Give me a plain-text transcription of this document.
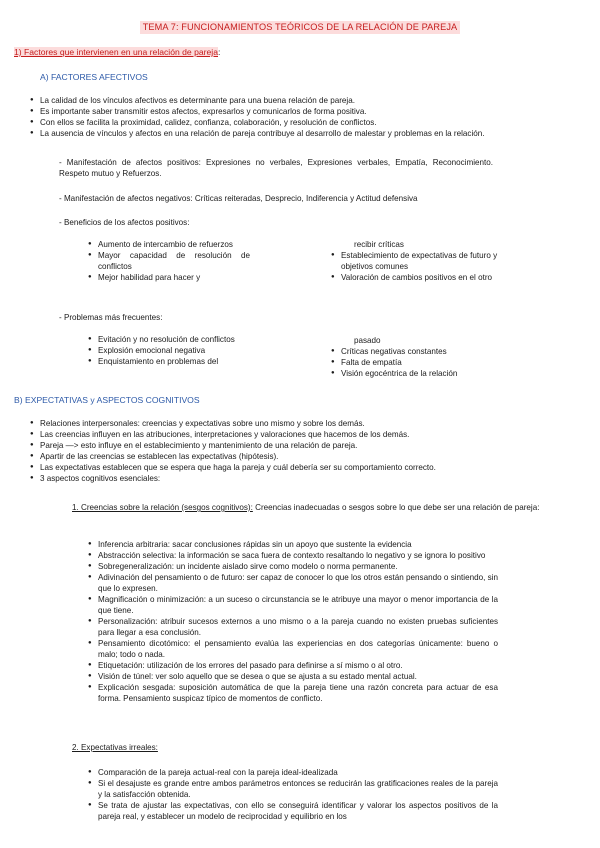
TEMA 7: FUNCIONAMIENTOS TEÓRICOS DE LA RELACIÓN DE PAREJA
1) Factores que intervienen en una relación de pareja:
A) FACTORES AFECTIVOS
● La calidad de los vínculos afectivos es determinante para una buena relación de pareja.
● Es importante saber transmitir estos afectos, expresarlos y comunicarlos de forma positiva.
● Con ellos se facilita la proximidad, calidez, confianza, colaboración, y resolución de conflictos.
● La ausencia de vínculos y afectos en una relación de pareja contribuye al desarrollo de malestar y problemas en la relación.
- Manifestación de afectos positivos: Expresiones no verbales, Expresiones verbales, Empatía, Reconocimiento. Respeto mutuo y Refuerzos.
- Manifestación de afectos negativos: Críticas reiteradas, Desprecio, Indiferencia y Actitud defensiva
- Beneficios de los afectos positivos:
● Aumento de intercambio de refuerzos
● Mayor capacidad de resolución de conflictos
● Mejor habilidad para hacer y
recibir críticas
● Establecimiento de expectativas de futuro y objetivos comunes
● Valoración de cambios positivos en el otro
- Problemas más frecuentes:
● Evitación y no resolución de conflictos
● Explosión emocional negativa
● Enquistamiento en problemas del
pasado
● Críticas negativas constantes
● Falta de empatía
● Visión egocéntrica de la relación
B) EXPECTATIVAS y ASPECTOS COGNITIVOS
● Relaciones interpersonales: creencias y expectativas sobre uno mismo y sobre los demás.
● Las creencias influyen en las atribuciones, interpretaciones y valoraciones que hacemos de los demás.
● Pareja —> esto influye en el establecimiento y mantenimiento de una relación de pareja.
● Apartir de las creencias se establecen las expectativas (hipótesis).
● Las expectativas establecen que se espera que haga la pareja y cuál debería ser su comportamiento correcto.
● 3 aspectos cognitivos esenciales:
1. Creencias sobre la relación (sesgos cognitivos): Creencias inadecuadas o sesgos sobre lo que debe ser una relación de pareja:
● Inferencia arbitraria: sacar conclusiones rápidas sin un apoyo que sustente la evidencia
● Abstracción selectiva: la información se saca fuera de contexto resaltando lo negativo y se ignora lo positivo
● Sobregeneralización: un incidente aislado sirve como modelo o norma permanente.
● Adivinación del pensamiento o de futuro: ser capaz de conocer lo que los otros están pensando o sintiendo, sin que lo expresen.
● Magnificación o minimización: a un suceso o circunstancia se le atribuye una mayor o menor importancia de la que tiene.
● Personalización: atribuir sucesos externos a uno mismo o a la pareja cuando no existen pruebas suficientes para llegar a esa conclusión.
● Pensamiento dicotómico: el pensamiento evalúa las experiencias en dos categorías únicamente: bueno o malo; todo o nada.
● Etiquetación: utilización de los errores del pasado para definirse a sí mismo o al otro.
● Visión de túnel: ver solo aquello que se desea o que se ajusta a su estado mental actual.
● Explicación sesgada: suposición automática de que la pareja tiene una razón concreta para actuar de esa forma. Pensamiento suspicaz típico de momentos de conflicto.
2. Expectativas irreales:
● Comparación de la pareja actual-real con la pareja ideal-idealizada
● Si el desajuste es grande entre ambos parámetros entonces se reducirán las gratificaciones reales de la pareja y la satisfacción obtenida.
● Se trata de ajustar las expectativas, con ello se conseguirá identificar y valorar los aspectos positivos de la pareja real, y establecer un modelo de reciprocidad y equilibrio en los
